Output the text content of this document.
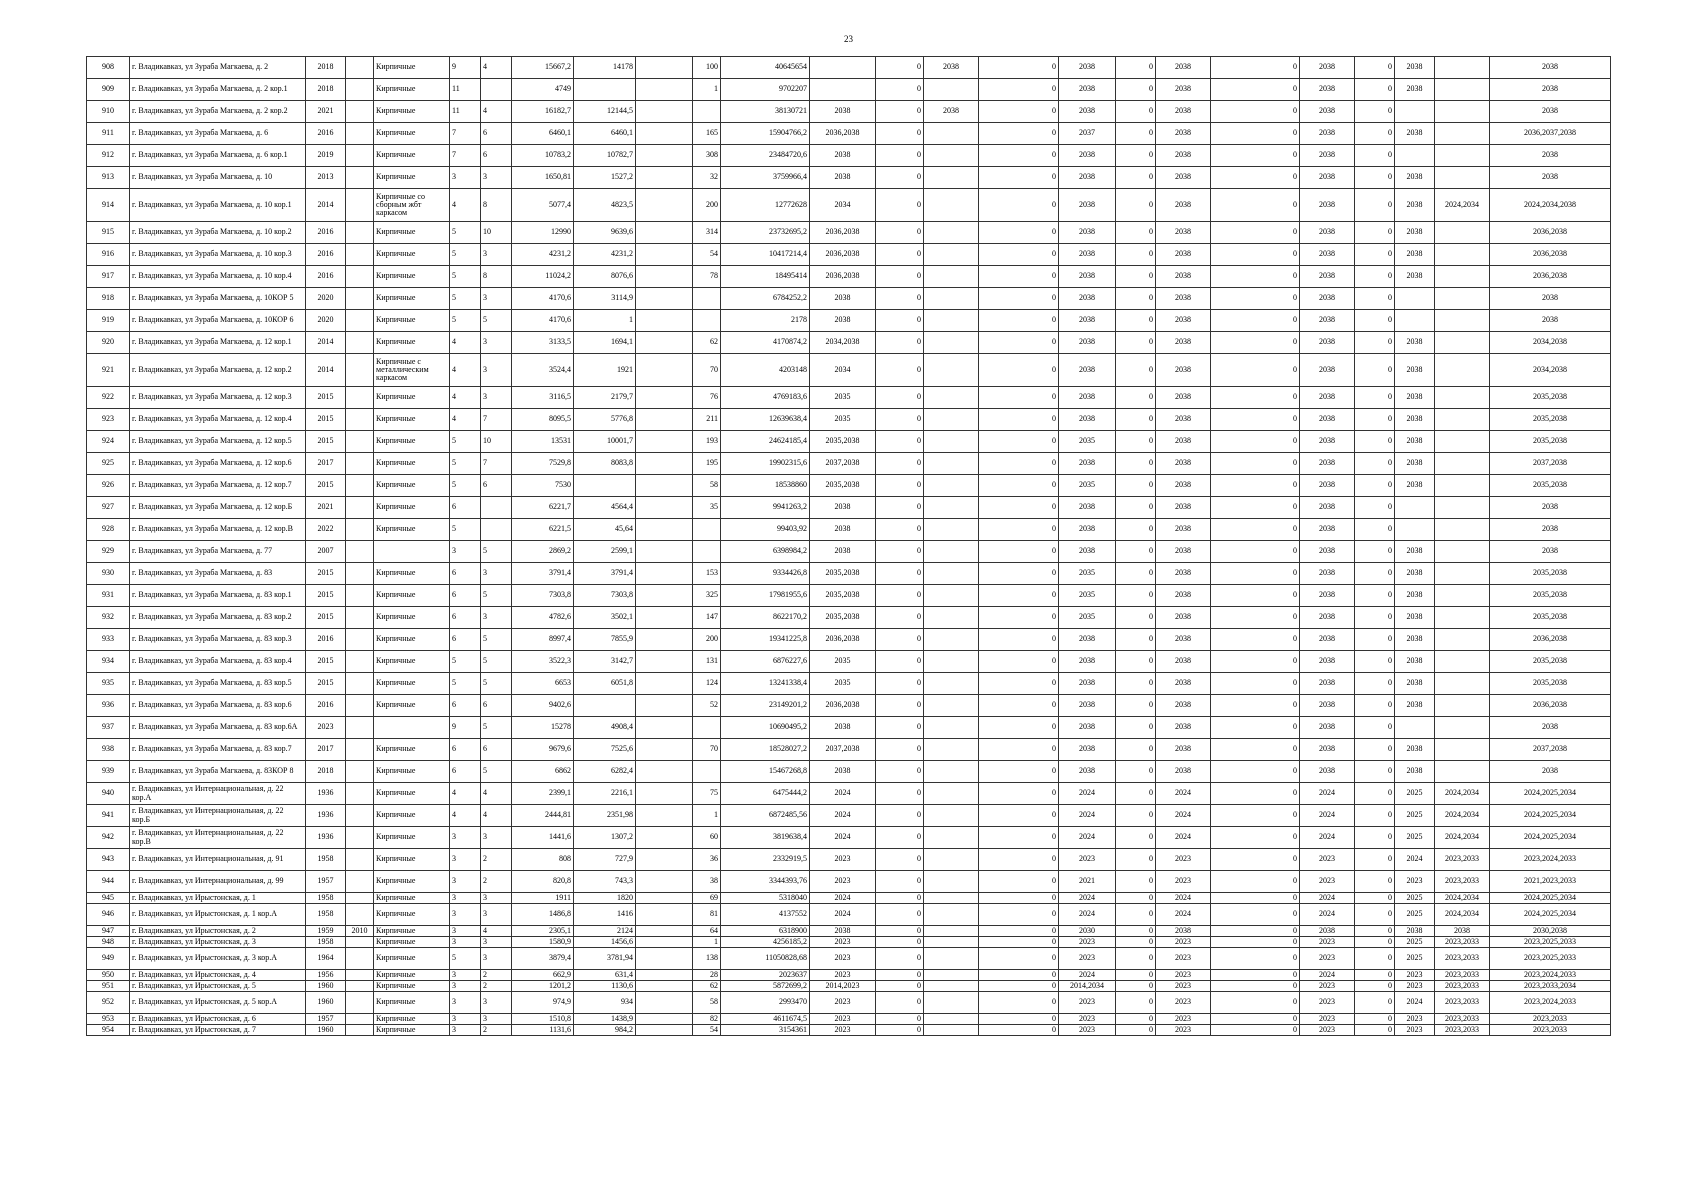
23
908	г. Владикавказ, ул Зураба Магкаева, д. 2	2018		Кирпичные	9	4	15667,2	14178		100	40645654		0	2038	0	2038	0	2038	0	2038	0	2038		2038
909	г. Владикавказ, ул Зураба Магкаева, д. 2 кор.1	2018		Кирпичные	11		4749			1	9702207		0		0	2038	0	2038	0	2038	0	2038		2038
910	г. Владикавказ, ул Зураба Магкаева, д. 2 кор.2	2021		Кирпичные	11	4	16182,7	12144,5			38130721	2038	0	2038	0	2038	0	2038	0	2038	0			2038
911	г. Владикавказ, ул Зураба Магкаева, д. 6	2016		Кирпичные	7	6	6460,1	6460,1		165	15904766,2	2036,2038	0		0	2037	0	2038	0	2038	0	2038		2036,2037,2038
912	г. Владикавказ, ул Зураба Магкаева, д. 6 кор.1	2019		Кирпичные	7	6	10783,2	10782,7		308	23484720,6	2038	0		0	2038	0	2038	0	2038	0			2038
913	г. Владикавказ, ул Зураба Магкаева, д. 10	2013		Кирпичные	3	3	1650,81	1527,2		32	3759966,4	2038	0		0	2038	0	2038	0	2038	0	2038		2038
914	г. Владикавказ, ул Зураба Магкаева, д. 10 кор.1	2014		Кирпичные со сборным жбт каркасом	4	8	5077,4	4823,5		200	12772628	2034	0		0	2038	0	2038	0	2038	0	2038	2024,2034	2024,2034,2038
915	г. Владикавказ, ул Зураба Магкаева, д. 10 кор.2	2016		Кирпичные	5	10	12990	9639,6		314	23732695,2	2036,2038	0		0	2038	0	2038	0	2038	0	2038		2036,2038
916	г. Владикавказ, ул Зураба Магкаева, д. 10 кор.3	2016		Кирпичные	5	3	4231,2	4231,2		54	10417214,4	2036,2038	0		0	2038	0	2038	0	2038	0	2038		2036,2038
917	г. Владикавказ, ул Зураба Магкаева, д. 10 кор.4	2016		Кирпичные	5	8	11024,2	8076,6		78	18495414	2036,2038	0		0	2038	0	2038	0	2038	0	2038		2036,2038
918	г. Владикавказ, ул Зураба Магкаева, д. 10КОР 5	2020		Кирпичные	5	3	4170,6	3114,9			6784252,2	2038	0		0	2038	0	2038	0	2038	0			2038
919	г. Владикавказ, ул Зураба Магкаева, д. 10КОР 6	2020		Кирпичные	5	5	4170,6	1			2178	2038	0		0	2038	0	2038	0	2038	0			2038
920	г. Владикавказ, ул Зураба Магкаева, д. 12 кор.1	2014		Кирпичные	4	3	3133,5	1694,1		62	4170874,2	2034,2038	0		0	2038	0	2038	0	2038	0	2038		2034,2038
921	г. Владикавказ, ул Зураба Магкаева, д. 12 кор.2	2014		Кирпичные с металлическим каркасом	4	3	3524,4	1921		70	4203148	2034	0		0	2038	0	2038	0	2038	0	2038		2034,2038
922	г. Владикавказ, ул Зураба Магкаева, д. 12 кор.3	2015		Кирпичные	4	3	3116,5	2179,7		76	4769183,6	2035	0		0	2038	0	2038	0	2038	0	2038		2035,2038
923	г. Владикавказ, ул Зураба Магкаева, д. 12 кор.4	2015		Кирпичные	4	7	8095,5	5776,8		211	12639638,4	2035	0		0	2038	0	2038	0	2038	0	2038		2035,2038
924	г. Владикавказ, ул Зураба Магкаева, д. 12 кор.5	2015		Кирпичные	5	10	13531	10001,7		193	24624185,4	2035,2038	0		0	2035	0	2038	0	2038	0	2038		2035,2038
925	г. Владикавказ, ул Зураба Магкаева, д. 12 кор.6	2017		Кирпичные	5	7	7529,8	8083,8		195	19902315,6	2037,2038	0		0	2038	0	2038	0	2038	0	2038		2037,2038
926	г. Владикавказ, ул Зураба Магкаева, д. 12 кор.7	2015		Кирпичные	5	6	7530			58	18538860	2035,2038	0		0	2035	0	2038	0	2038	0	2038		2035,2038
927	г. Владикавказ, ул Зураба Магкаева, д. 12 кор.Б	2021		Кирпичные	6		6221,7	4564,4		35	9941263,2	2038	0		0	2038	0	2038	0	2038	0			2038
928	г. Владикавказ, ул Зураба Магкаева, д. 12 кор.В	2022		Кирпичные	5		6221,5	45,64			99403,92	2038	0		0	2038	0	2038	0	2038	0			2038
929	г. Владикавказ, ул Зураба Магкаева, д. 77	2007			3	5	2869,2	2599,1			6398984,2	2038	0		0	2038	0	2038	0	2038	0	2038		2038
930	г. Владикавказ, ул Зураба Магкаева, д. 83	2015		Кирпичные	6	3	3791,4	3791,4		153	9334426,8	2035,2038	0		0	2035	0	2038	0	2038	0	2038		2035,2038
931	г. Владикавказ, ул Зураба Магкаева, д. 83 кор.1	2015		Кирпичные	6	5	7303,8	7303,8		325	17981955,6	2035,2038	0		0	2035	0	2038	0	2038	0	2038		2035,2038
932	г. Владикавказ, ул Зураба Магкаева, д. 83 кор.2	2015		Кирпичные	6	3	4782,6	3502,1		147	8622170,2	2035,2038	0		0	2035	0	2038	0	2038	0	2038		2035,2038
933	г. Владикавказ, ул Зураба Магкаева, д. 83 кор.3	2016		Кирпичные	6	5	8997,4	7855,9		200	19341225,8	2036,2038	0		0	2038	0	2038	0	2038	0	2038		2036,2038
934	г. Владикавказ, ул Зураба Магкаева, д. 83 кор.4	2015		Кирпичные	5	5	3522,3	3142,7		131	6876227,6	2035	0		0	2038	0	2038	0	2038	0	2038		2035,2038
935	г. Владикавказ, ул Зураба Магкаева, д. 83 кор.5	2015		Кирпичные	5	5	6653	6051,8		124	13241338,4	2035	0		0	2038	0	2038	0	2038	0	2038		2035,2038
936	г. Владикавказ, ул Зураба Магкаева, д. 83 кор.6	2016		Кирпичные	6	6	9402,6			52	23149201,2	2036,2038	0		0	2038	0	2038	0	2038	0	2038		2036,2038
937	г. Владикавказ, ул Зураба Магкаева, д. 83 кор.6А	2023			9	5	15278	4908,4			10690495,2	2038	0		0	2038	0	2038	0	2038	0			2038
938	г. Владикавказ, ул Зураба Магкаева, д. 83 кор.7	2017		Кирпичные	6	6	9679,6	7525,6		70	18528027,2	2037,2038	0		0	2038	0	2038	0	2038	0	2038		2037,2038
939	г. Владикавказ, ул Зураба Магкаева, д. 83КОР 8	2018		Кирпичные	6	5	6862	6282,4			15467268,8	2038	0		0	2038	0	2038	0	2038	0	2038		2038
940	г. Владикавказ, ул Интернациональная, д. 22 кор.А	1936		Кирпичные	4	4	2399,1	2216,1		75	6475444,2	2024	0		0	2024	0	2024	0	2024	0	2025	2024,2034	2024,2025,2034
941	г. Владикавказ, ул Интернациональная, д. 22 кор.Б	1936		Кирпичные	4	4	2444,81	2351,98		1	6872485,56	2024	0		0	2024	0	2024	0	2024	0	2025	2024,2034	2024,2025,2034
942	г. Владикавказ, ул Интернациональная, д. 22 кор.В	1936		Кирпичные	3	3	1441,6	1307,2		60	3819638,4	2024	0		0	2024	0	2024	0	2024	0	2025	2024,2034	2024,2025,2034
943	г. Владикавказ, ул Интернациональная, д. 91	1958		Кирпичные	3	2	808	727,9		36	2332919,5	2023	0		0	2023	0	2023	0	2023	0	2024	2023,2033	2023,2024,2033
944	г. Владикавказ, ул Интернациональная, д. 99	1957		Кирпичные	3	2	820,8	743,3		38	3344393,76	2023	0		0	2021	0	2023	0	2023	0	2023	2023,2033	2021,2023,2033
945	г. Владикавказ, ул Ирыстонская, д. 1	1958		Кирпичные	3	3	1911	1820		69	5318040	2024	0		0	2024	0	2024	0	2024	0	2025	2024,2034	2024,2025,2034
946	г. Владикавказ, ул Ирыстонская, д. 1 кор.А	1958		Кирпичные	3	3	1486,8	1416		81	4137552	2024	0		0	2024	0	2024	0	2024	0	2025	2024,2034	2024,2025,2034
947	г. Владикавказ, ул Ирыстонская, д. 2	1959	2010	Кирпичные	3	4	2305,1	2124		64	6318900	2038	0		0	2030	0	2038	0	2038	0	2038	2038	2030,2038
948	г. Владикавказ, ул Ирыстонская, д. 3	1958		Кирпичные	3	3	1580,9	1456,6		1	4256185,2	2023	0		0	2023	0	2023	0	2023	0	2025	2023,2033	2023,2025,2033
949	г. Владикавказ, ул Ирыстонская, д. 3 кор.А	1964		Кирпичные	5	3	3879,4	3781,94		138	11050828,68	2023	0		0	2023	0	2023	0	2023	0	2025	2023,2033	2023,2025,2033
950	г. Владикавказ, ул Ирыстонская, д. 4	1956		Кирпичные	3	2	662,9	631,4		28	2023637	2023	0		0	2024	0	2023	0	2024	0	2023	2023,2033	2023,2024,2033
951	г. Владикавказ, ул Ирыстонская, д. 5	1960		Кирпичные	3	2	1201,2	1130,6		62	5872699,2	2014,2023	0		0	2014,2034	0	2023	0	2023	0	2023	2023,2033	2023,2033,2034
952	г. Владикавказ, ул Ирыстонская, д. 5 кор.А	1960		Кирпичные	3	3	974,9	934		58	2993470	2023	0		0	2023	0	2023	0	2023	0	2024	2023,2033	2023,2024,2033
953	г. Владикавказ, ул Ирыстонская, д. 6	1957		Кирпичные	3	3	1510,8	1438,9		82	4611674,5	2023	0		0	2023	0	2023	0	2023	0	2023	2023,2033	2023,2033
954	г. Владикавказ, ул Ирыстонская, д. 7	1960		Кирпичные	3	2	1131,6	984,2		54	3154361	2023	0		0	2023	0	2023	0	2023	0	2023	2023,2033	2023,2033
